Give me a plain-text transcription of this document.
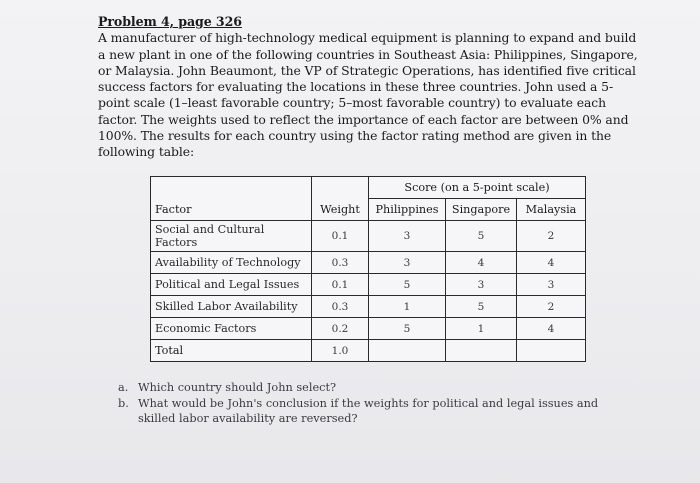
Problem 4, page 326
A manufacturer of high-technology medical equipment is planning to expand and build a new plant in one of the following countries in Southeast Asia: Philippines, Singapore, or Malaysia. John Beaumont, the VP of Strategic Operations, has identified five critical success factors for evaluating the locations in these three countries. John used a 5-point scale (1–least favorable country; 5–most favorable country) to evaluate each factor. The weights used to reflect the importance of each factor are between 0% and 100%. The results for each country using the factor rating method are given in the following table:
		Score (on a 5-point scale)		
Factor	Weight	Philippines	Singapore	Malaysia
Social and Cultural Factors	0.1	3	5	2
Availability of Technology	0.3	3	4	4
Political and Legal Issues	0.1	5	3	3
Skilled Labor Availability	0.3	1	5	2
Economic Factors	0.2	5	1	4
Total	1.0			
a. Which country should John select?
b. What would be John's conclusion if the weights for political and legal issues and skilled labor availability are reversed?
